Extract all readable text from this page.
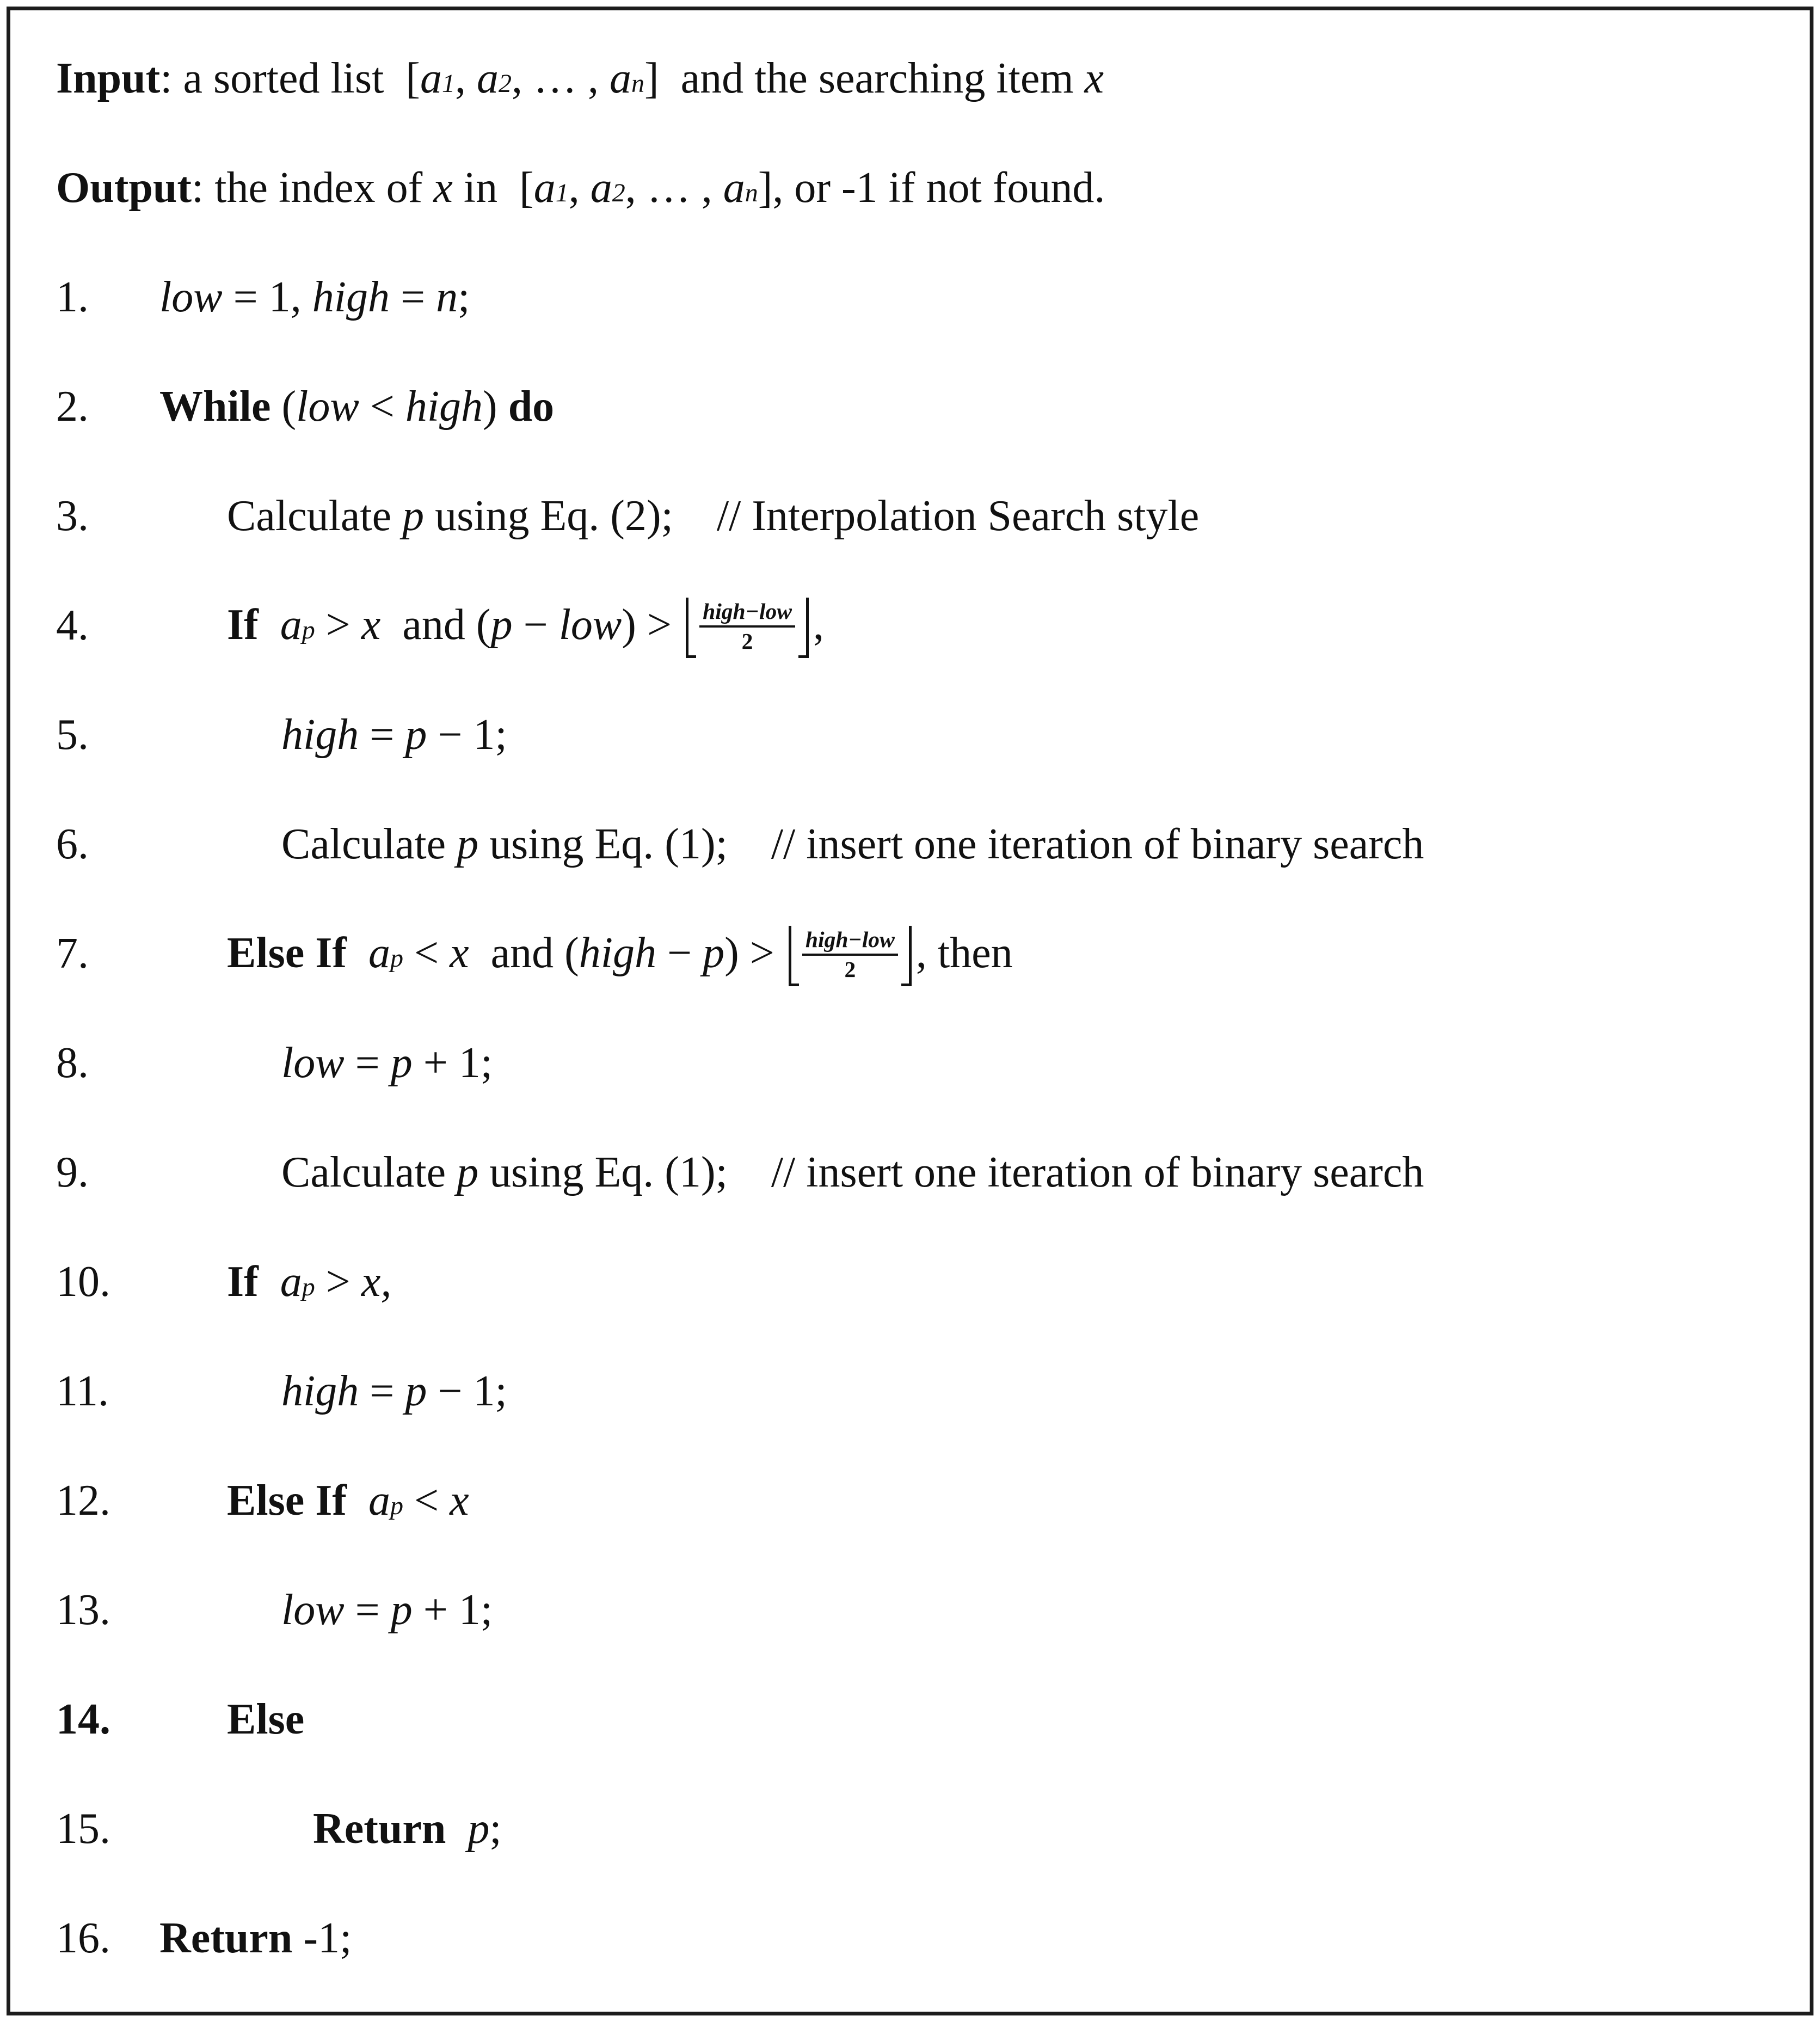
Input : a sorted list  [ a 1 , a 2 , … , a n ]  and the searching item x
Output : the index of x in  [ a 1 , a 2 , … , a n ], or -1 if not found.
1. low = 1, high = n ;
2. While ( low < high ) do
3.	Calculate p using Eq. (2);    // Interpolation Search style
4.	If
a p > x and ( p − low ) > $\frac{\text{high−low}}{2}$ ,
5.	high = p − 1;
6.	Calculate p using Eq. (1);    // insert one iteration of binary search
7.	Else If
a p < x and ( high − p ) > $\frac{\text{high−low}}{2}$ , then
8.	low = p + 1;
9.	Calculate p using Eq. (1);    // insert one iteration of binary search
10.	If
a p > x ,
11.	high = p − 1;
12.	Else If
a p < x
13.	low = p + 1;
14.	Else
15.	Return
p ;
16. Return -1;
